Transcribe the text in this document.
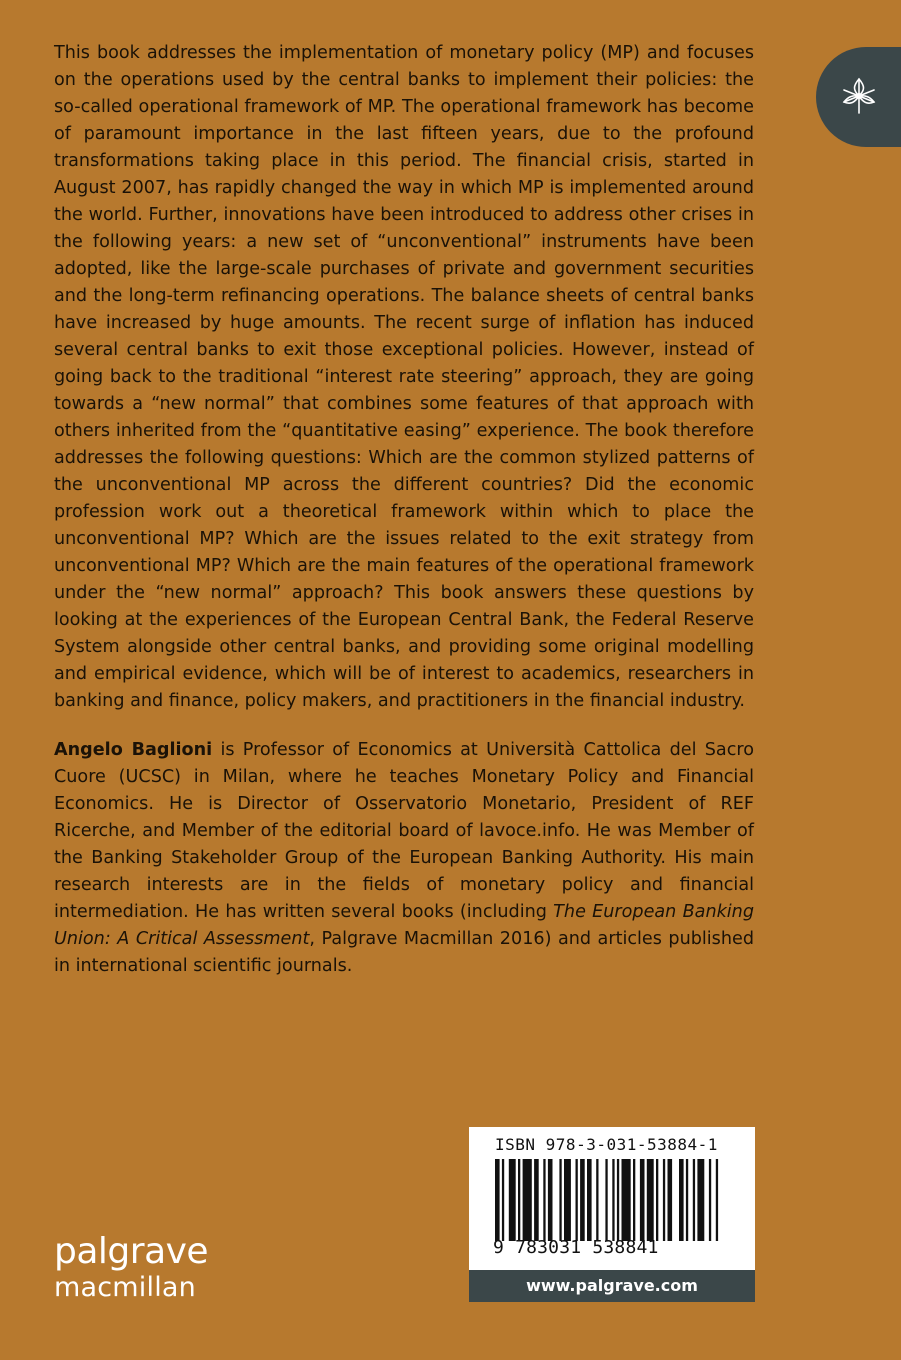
This book addresses the implementation of monetary policy (MP) and focuses on the operations used by the central banks to implement their policies: the so-called operational framework of MP. The operational framework has become of paramount importance in the last fifteen years, due to the profound transformations taking place in this period. The financial crisis, started in August 2007, has rapidly changed the way in which MP is implemented around the world. Further, innovations have been introduced to address other crises in the following years: a new set of “unconventional” instruments have been adopted, like the large-scale purchases of private and government securities and the long-term refinancing operations. The balance sheets of central banks have increased by huge amounts. The recent surge of inflation has induced several central banks to exit those exceptional policies. However, instead of going back to the traditional “interest rate steering” approach, they are going towards a “new normal” that combines some features of that approach with others inherited from the “quantitative easing” experience. The book therefore addresses the following questions: Which are the common stylized patterns of the unconventional MP across the different countries? Did the economic profession work out a theoretical framework within which to place the unconventional MP? Which are the issues related to the exit strategy from unconventional MP? Which are the main features of the operational framework under the “new normal” approach? This book answers these questions by looking at the experiences of the European Central Bank, the Federal Reserve System alongside other central banks, and providing some original modelling and empirical evidence, which will be of interest to academics, researchers in banking and finance, policy makers, and practitioners in the financial industry.

Angelo Baglioni is Professor of Economics at Università Cattolica del Sacro Cuore (UCSC) in Milan, where he teaches Monetary Policy and Financial Economics. He is Director of Osservatorio Monetario, President of REF Ricerche, and Member of the editorial board of lavoce.info. He was Member of the Banking Stakeholder Group of the European Banking Authority. His main research interests are in the fields of monetary policy and financial intermediation. He has written several books (including The European Banking Union: A Critical Assessment, Palgrave Macmillan 2016) and articles published in international scientific journals.

palgrave
macmillan
ISBN 978-3-031-53884-1
9 783031 538841
www.palgrave.com
